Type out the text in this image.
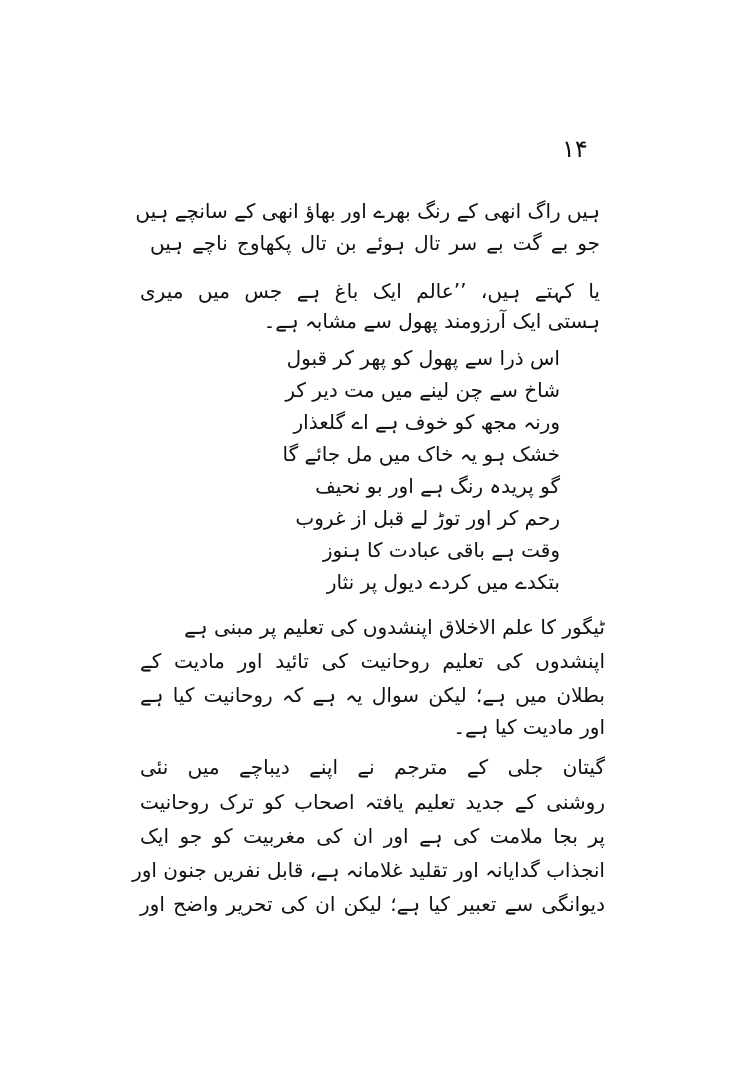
۱۴
ہیں راگ انھی کے رنگ بھرے اور بھاؤ انھی کے سانچے ہیں
جو بے گت بے سر تال ہوئے بن تال پکھاوج ناچے ہیں
یا کہتے ہیں، ’’عالم ایک باغ ہے جس میں میری
ہستی ایک آرزومند پھول سے مشابہ ہے۔
اس ذرا سے پھول کو پھر کر قبول
شاخ سے چن لینے میں مت دیر کر
ورنہ مجھ کو خوف ہے اے گلعذار
خشک ہو یہ خاک میں مل جائے گا
گو پریدہ رنگ ہے اور بو نحیف
رحم کر اور توڑ لے قبل از غروب
وقت ہے باقی عبادت کا ہنوز
بتکدے میں کردے دیول پر نثار
ٹیگور کا علم الاخلاق اپنشدوں کی تعلیم پر مبنی ہے
اپنشدوں کی تعلیم روحانیت کی تائید اور مادیت کے
بطلان میں ہے؛ لیکن سوال یہ ہے کہ روحانیت کیا ہے
اور مادیت کیا ہے۔
گیتان جلی کے مترجم نے اپنے دیباچے میں نئی
روشنی کے جدید تعلیم یافتہ اصحاب کو ترک روحانیت
پر بجا ملامت کی ہے اور ان کی مغربیت کو جو ایک
انجذاب گدایانہ اور تقلید غلامانہ ہے، قابل نفریں جنون اور
دیوانگی سے تعبیر کیا ہے؛ لیکن ان کی تحریر واضح اور
